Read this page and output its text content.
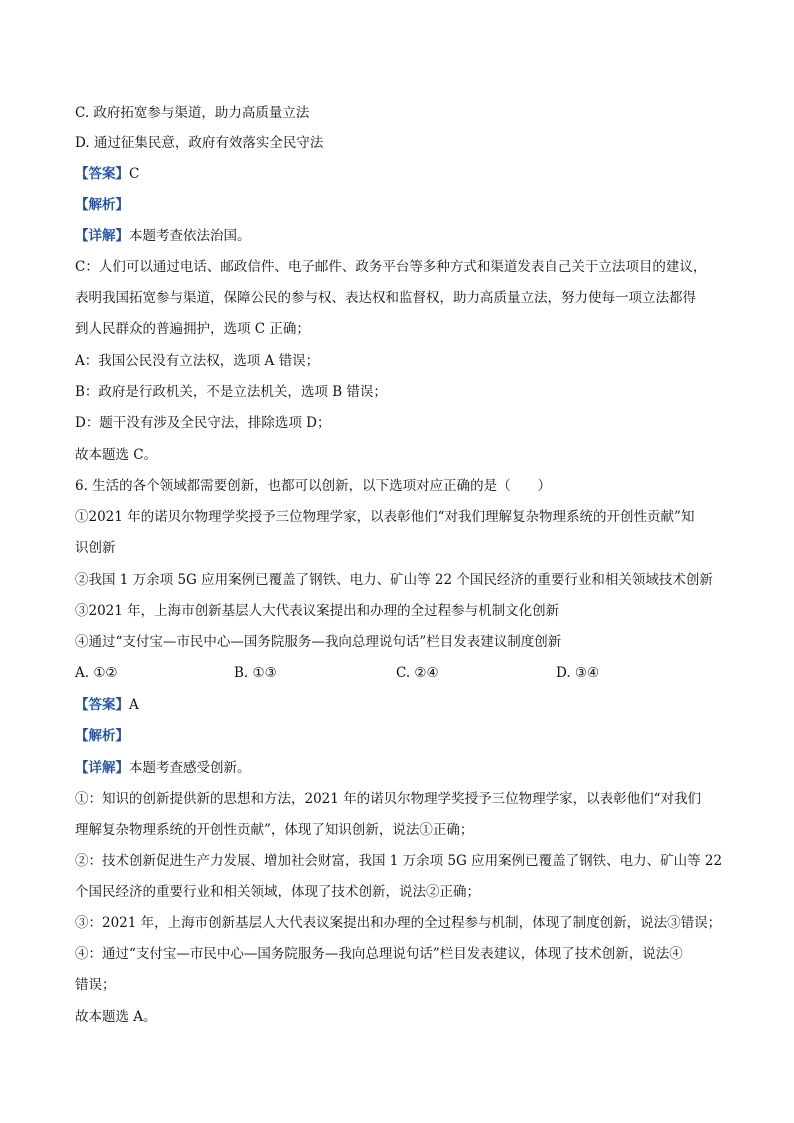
C. 政府拓宽参与渠道，助力高质量立法
D. 通过征集民意，政府有效落实全民守法
【答案】C
【解析】
【详解】本题考查依法治国。
C：人们可以通过电话、邮政信件、电子邮件、政务平台等多种方式和渠道发表自己关于立法项目的建议，
表明我国拓宽参与渠道，保障公民的参与权、表达权和监督权，助力高质量立法，努力使每一项立法都得
到人民群众的普遍拥护，选项 C 正确；
A：我国公民没有立法权，选项 A 错误；
B：政府是行政机关，不是立法机关，选项 B 错误；
D：题干没有涉及全民守法，排除选项 D；
故本题选 C。
6. 生活的各个领域都需要创新，也都可以创新，以下选项对应正确的是（　　）
①2021 年的诺贝尔物理学奖授予三位物理学家，以表彰他们“对我们理解复杂物理系统的开创性贡献”知
识创新
②我国 1 万余项 5G 应用案例已覆盖了钢铁、电力、矿山等 22 个国民经济的重要行业和相关领域技术创新
③2021 年，上海市创新基层人大代表议案提出和办理的全过程参与机制文化创新
④通过“支付宝—市民中心—国务院服务—我向总理说句话”栏目发表建议制度创新
A. ①②	B. ①③	C. ②④	D. ③④
【答案】A
【解析】
【详解】本题考查感受创新。
①：知识的创新提供新的思想和方法，2021 年的诺贝尔物理学奖授予三位物理学家，以表彰他们“对我们
理解复杂物理系统的开创性贡献”，体现了知识创新，说法①正确；
②：技术创新促进生产力发展、增加社会财富，我国 1 万余项 5G 应用案例已覆盖了钢铁、电力、矿山等 22
个国民经济的重要行业和相关领域，体现了技术创新，说法②正确；
③：2021 年，上海市创新基层人大代表议案提出和办理的全过程参与机制，体现了制度创新，说法③错误；
④：通过“支付宝—市民中心—国务院服务—我向总理说句话”栏目发表建议，体现了技术创新，说法④
错误；
故本题选 A。
